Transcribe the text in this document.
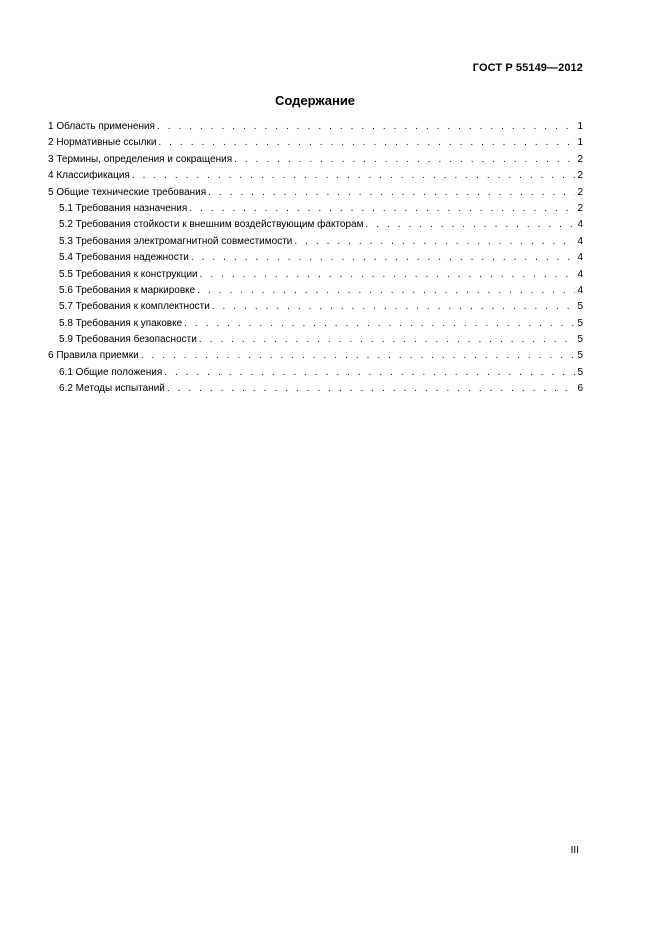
ГОСТ Р 55149—2012
Содержание
1 Область применения . . .	1
2 Нормативные ссылки . . .	1
3 Термины, определения и сокращения . . .	2
4 Классификация . . .	2
5 Общие технические требования . . .	2
5.1 Требования назначения . . .	2
5.2 Требования стойкости к внешним воздействующим факторам . . .	4
5.3 Требования электромагнитной совместимости . . .	4
5.4 Требования надежности . . .	4
5.5 Требования к конструкции . . .	4
5.6 Требования к маркировке . . .	4
5.7 Требования к комплектности . . .	5
5.8 Требования к упаковке . . .	5
5.9 Требования безопасности . . .	5
6 Правила приемки . . .	5
6.1 Общие положения . . .	5
6.2 Методы испытаний . . .	6
III
